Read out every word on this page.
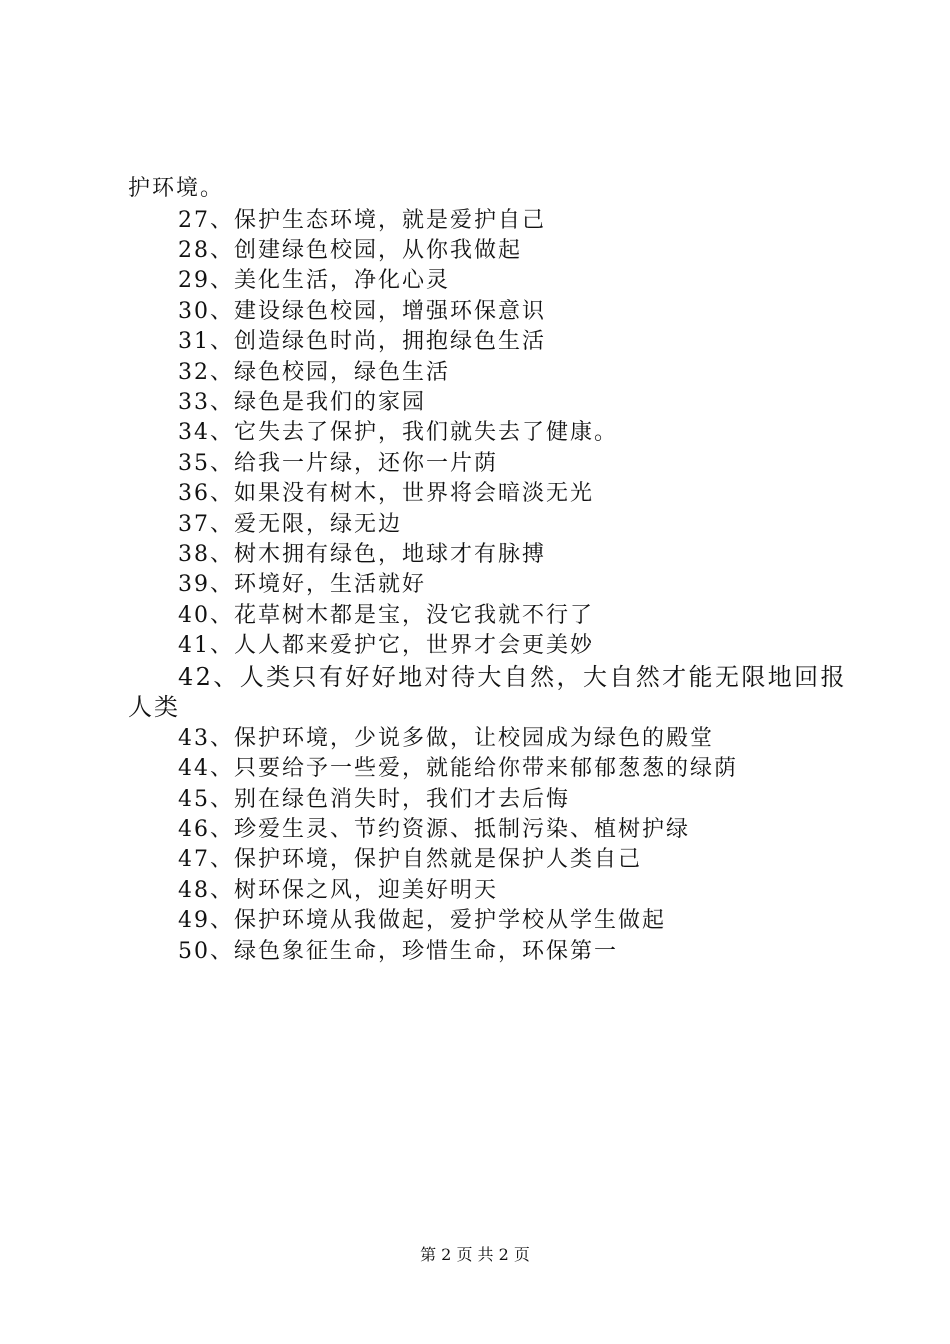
护环境。
27、保护生态环境，就是爱护自己
28、创建绿色校园，从你我做起
29、美化生活，净化心灵
30、建设绿色校园，增强环保意识
31、创造绿色时尚，拥抱绿色生活
32、绿色校园，绿色生活
33、绿色是我们的家园
34、它失去了保护，我们就失去了健康。
35、给我一片绿，还你一片荫
36、如果没有树木，世界将会暗淡无光
37、爱无限，绿无边
38、树木拥有绿色，地球才有脉搏
39、环境好，生活就好
40、花草树木都是宝，没它我就不行了
41、人人都来爱护它，世界才会更美妙
42、人类只有好好地对待大自然，大自然才能无限地回报
人类
43、保护环境，少说多做，让校园成为绿色的殿堂
44、只要给予一些爱，就能给你带来郁郁葱葱的绿荫
45、别在绿色消失时，我们才去后悔
46、珍爱生灵、节约资源、抵制污染、植树护绿
47、保护环境，保护自然就是保护人类自己
48、树环保之风，迎美好明天
49、保护环境从我做起，爱护学校从学生做起
50、绿色象征生命，珍惜生命，环保第一
第 2 页 共 2 页
